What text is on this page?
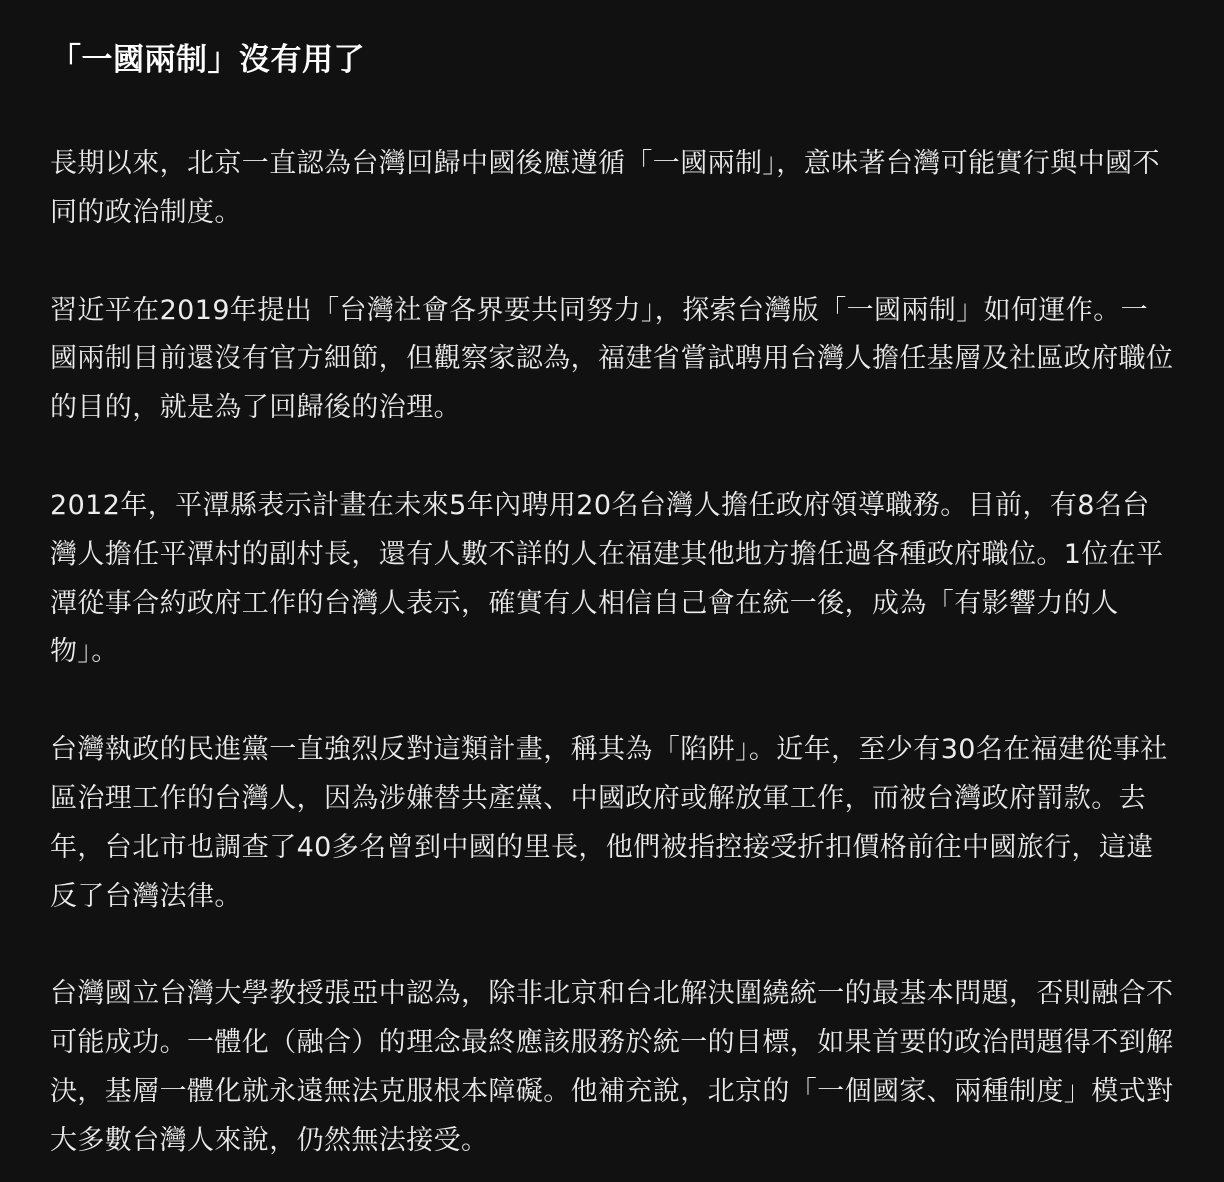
「一國兩制」沒有用了

長期以來，北京一直認為台灣回歸中國後應遵循「一國兩制」，意味著台灣可能實行與中國不同的政治制度。

習近平在2019年提出「台灣社會各界要共同努力」，探索台灣版「一國兩制」如何運作。一國兩制目前還沒有官方細節，但觀察家認為，福建省嘗試聘用台灣人擔任基層及社區政府職位的目的，就是為了回歸後的治理。

2012年，平潭縣表示計畫在未來5年內聘用20名台灣人擔任政府領導職務。目前，有8名台灣人擔任平潭村的副村長，還有人數不詳的人在福建其他地方擔任過各種政府職位。1位在平潭從事合約政府工作的台灣人表示，確實有人相信自己會在統一後，成為「有影響力的人物」。

台灣執政的民進黨一直強烈反對這類計畫，稱其為「陷阱」。近年，至少有30名在福建從事社區治理工作的台灣人，因為涉嫌替共產黨、中國政府或解放軍工作，而被台灣政府罰款。去年，台北市也調查了40多名曾到中國的里長，他們被指控接受折扣價格前往中國旅行，這違反了台灣法律。

台灣國立台灣大學教授張亞中認為，除非北京和台北解決圍繞統一的最基本問題，否則融合不可能成功。一體化（融合）的理念最終應該服務於統一的目標，如果首要的政治問題得不到解決，基層一體化就永遠無法克服根本障礙。他補充說，北京的「一個國家、兩種制度」模式對大多數台灣人來說，仍然無法接受。
